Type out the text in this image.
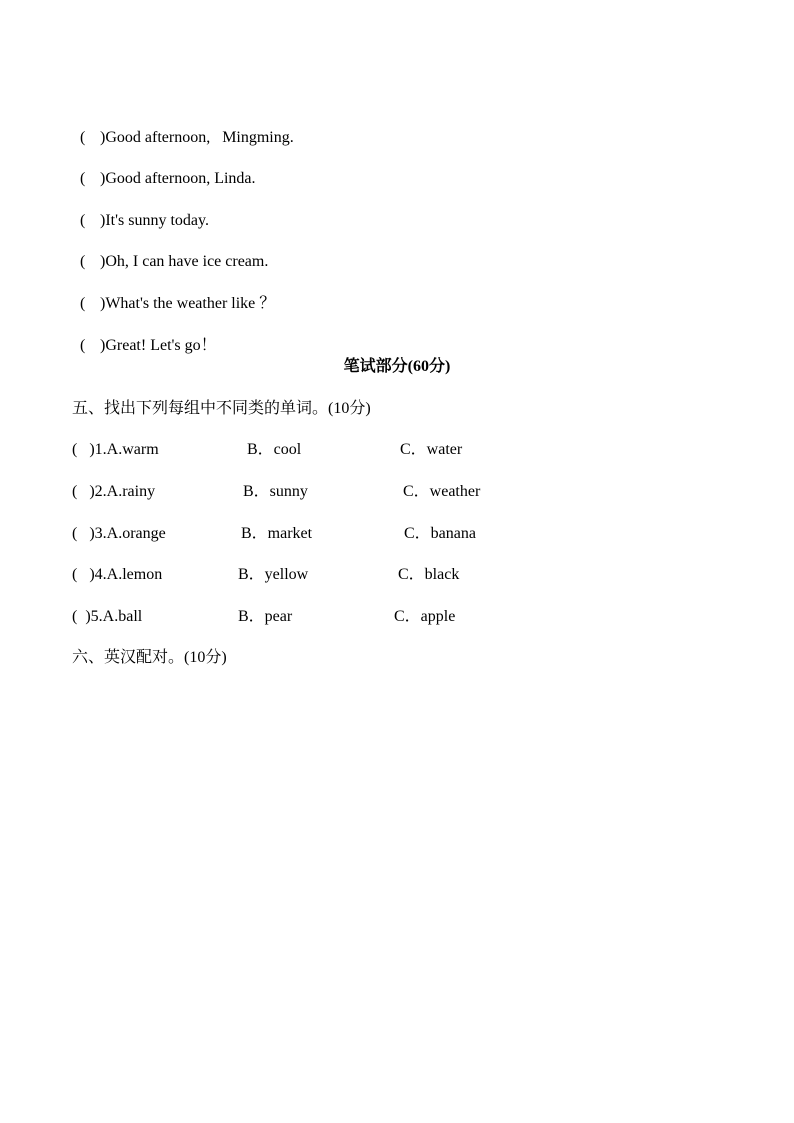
( )Good afternoon,   Mingming.

( )Good afternoon, Linda.

( )It's sunny today.

( )Oh, I can have ice cream.

( )What's the weather like ？

( )Great! Let's go！

笔试部分(60分)
五、找出下列每组中不同类的单词。(10分)
(   )1.A.warm	B．cool	C．water
(   )2.A.rainy	B．sunny	C．weather
(   )3.A.orange	B．market	C．banana
(   )4.A.lemon	B．yellow	C．black
(  )5.A.ball	B．pear	C．apple
六、英汉配对。(10分)
